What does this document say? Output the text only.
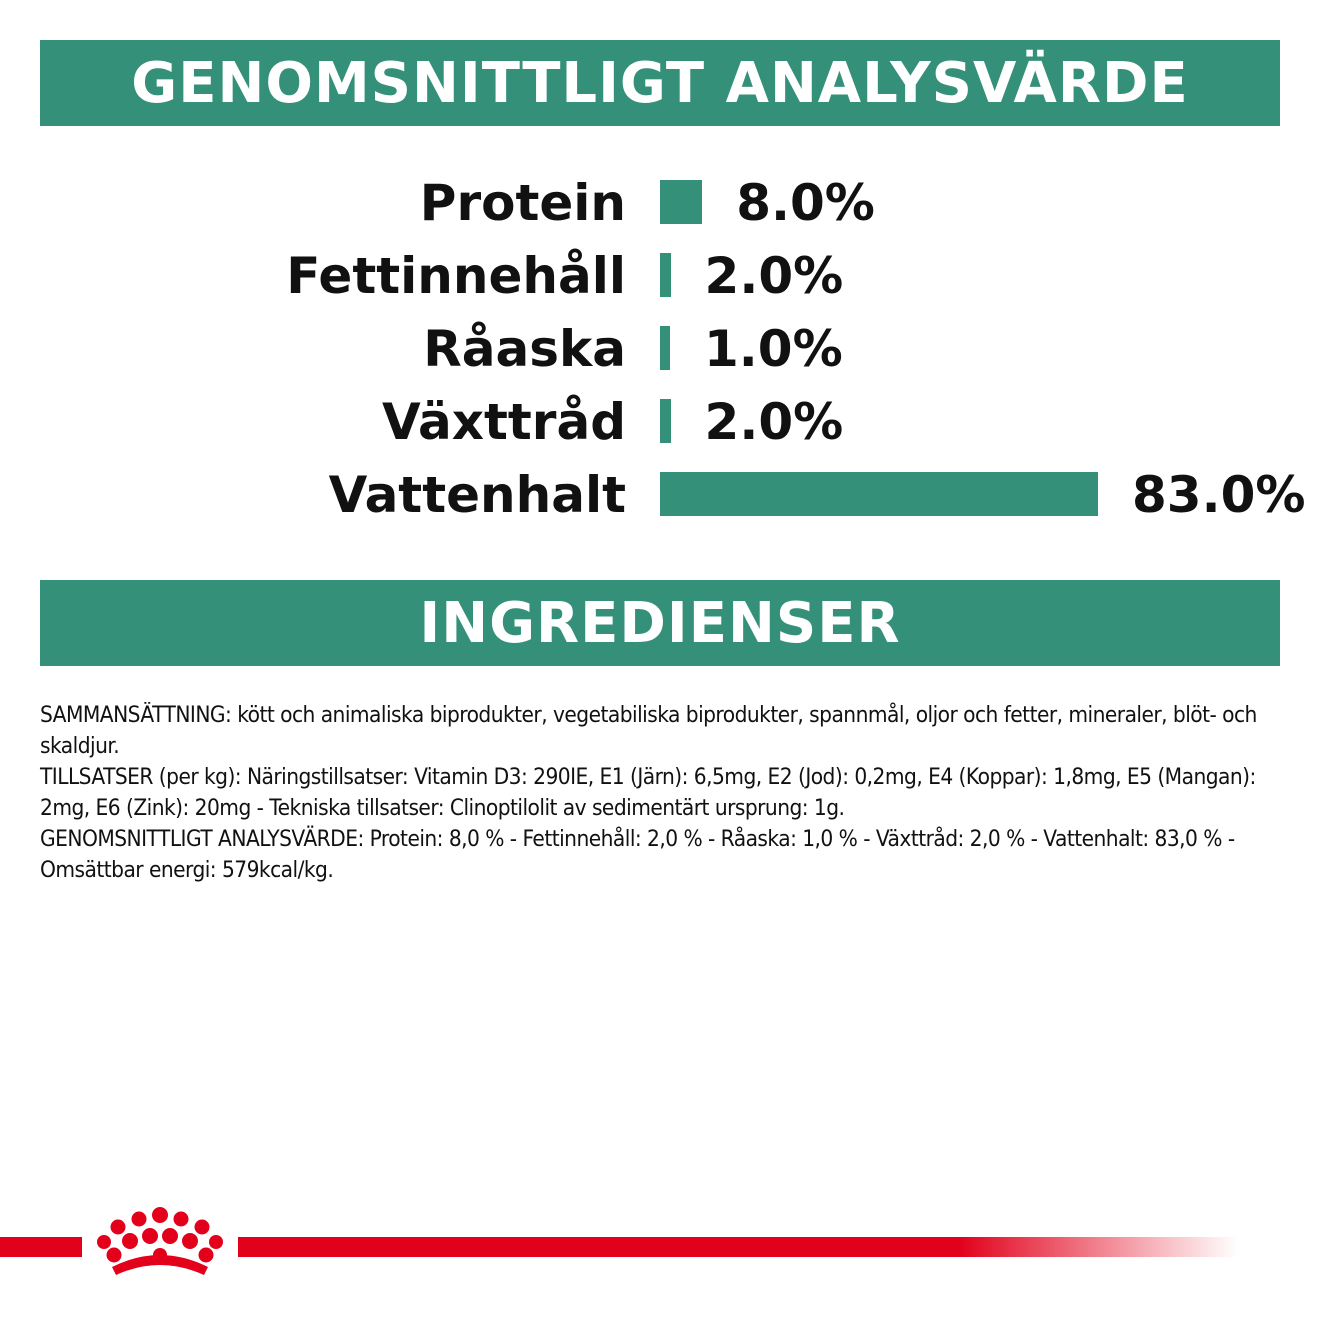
GENOMSNITTLIGT ANALYSVÄRDE
Protein 8.0%
Fettinnehåll 2.0%
Råaska 1.0%
Växttråd 2.0%
Vattenhalt	83.0%
INGREDIENSER

SAMMANSÄTTNING: kött och animaliska biprodukter, vegetabiliska biprodukter, spannmål, oljor och fetter, mineraler, blöt- och skaldjur.

TILLSATSER (per kg): Näringstillsatser: Vitamin D3: 290IE, E1 (Järn): 6,5mg, E2 (Jod): 0,2mg, E4 (Koppar): 1,8mg, E5 (Mangan): 2mg, E6 (Zink): 20mg - Tekniska tillsatser: Clinoptilolit av sedimentärt ursprung: 1g.

GENOMSNITTLIGT ANALYSVÄRDE: Protein: 8,0 % - Fettinnehåll: 2,0 % - Råaska: 1,0 % - Växttråd: 2,0 % - Vattenhalt: 83,0 % - Omsättbar energi: 579kcal/kg.
